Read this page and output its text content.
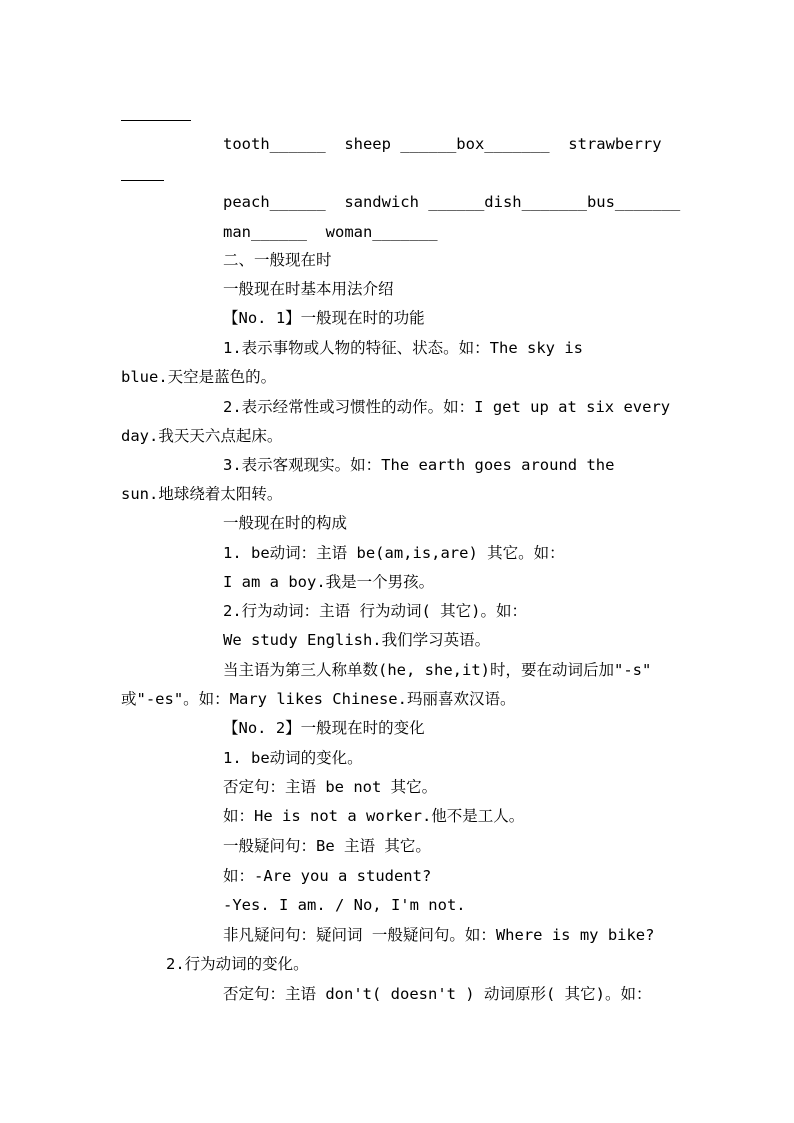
tooth______  sheep ______box_______  strawberry
peach______  sandwich ______dish_______bus_______
man______  woman_______
二、一般现在时
一般现在时基本用法介绍
【No. 1】一般现在时的功能
1.表示事物或人物的特征、状态。如：The sky is
blue.天空是蓝色的。
2.表示经常性或习惯性的动作。如：I get up at six every
day.我天天六点起床。
3.表示客观现实。如：The earth goes around the
sun.地球绕着太阳转。
一般现在时的构成
1. be动词：主语 be(am,is,are) 其它。如：
I am a boy.我是一个男孩。
2.行为动词：主语 行为动词( 其它)。如：
We study English.我们学习英语。
当主语为第三人称单数(he, she,it)时，要在动词后加"-s"
或"-es"。如：Mary likes Chinese.玛丽喜欢汉语。
【No. 2】一般现在时的变化
1. be动词的变化。
否定句：主语 be not 其它。
如：He is not a worker.他不是工人。
一般疑问句：Be 主语 其它。
如：-Are you a student?
-Yes. I am. / No, I'm not.
非凡疑问句：疑问词 一般疑问句。如：Where is my bike?
2.行为动词的变化。
否定句：主语 don't( doesn't ) 动词原形( 其它)。如：
